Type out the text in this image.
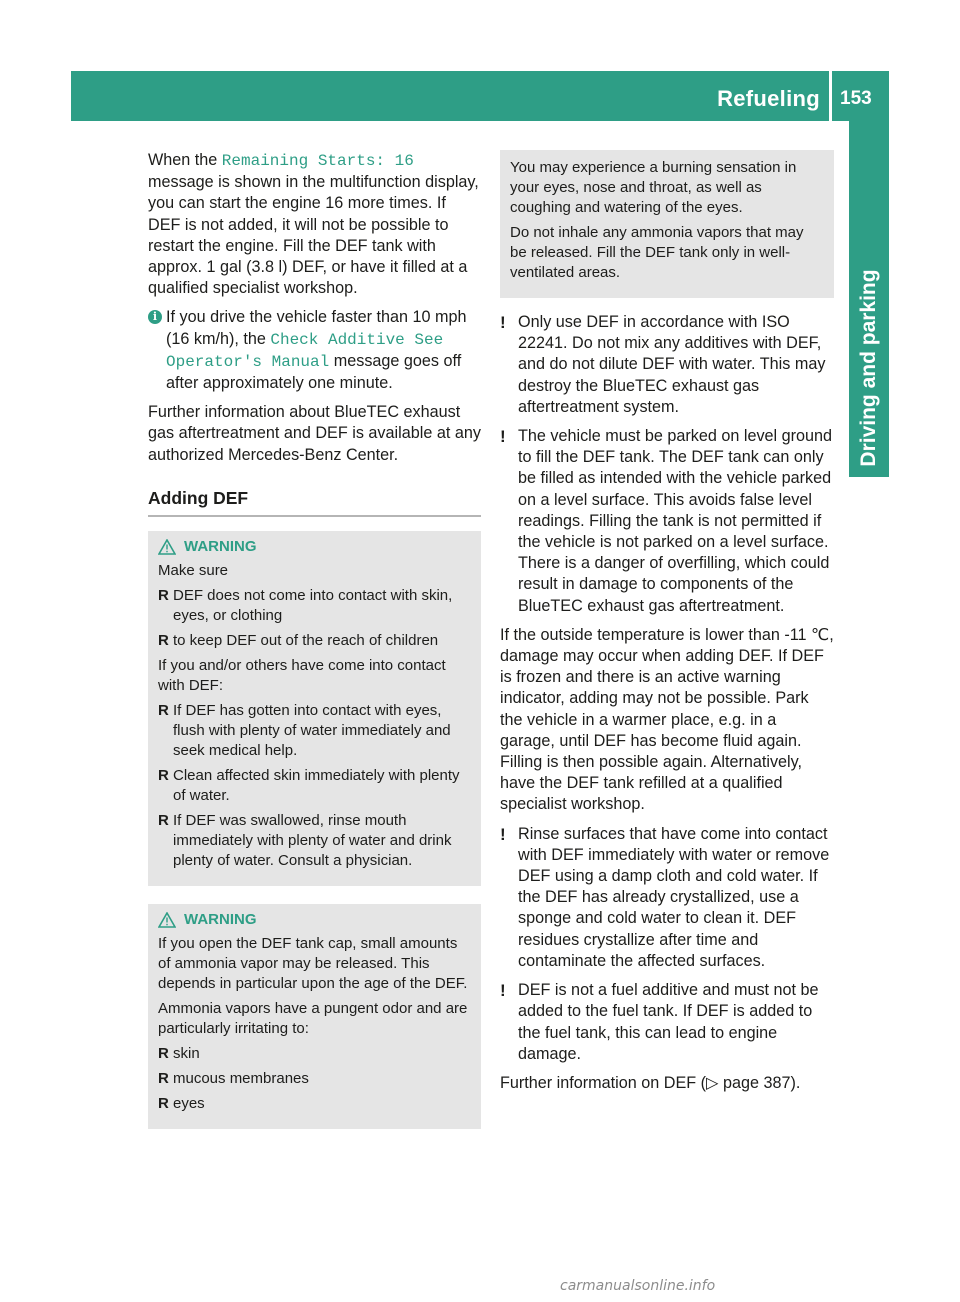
Refueling 153
Driving and parking

When the Remaining Starts: 16 message is shown in the multifunction display, you can start the engine 16 more times. If DEF is not added, it will not be possible to restart the engine. Fill the DEF tank with approx. 1 gal (3.8 l) DEF, or have it filled at a qualified specialist workshop.

i If you drive the vehicle faster than 10 mph (16 km/h), the Check Additive See Operator's Manual message goes off after approximately one minute.

Further information about BlueTEC exhaust gas aftertreatment and DEF is available at any authorized Mercedes-Benz Center.

Adding DEF
WARNING
Make sure
R DEF does not come into contact with skin, eyes, or clothing
R to keep DEF out of the reach of children
If you and/or others have come into contact with DEF:
R If DEF has gotten into contact with eyes, flush with plenty of water immediately and seek medical help.
R Clean affected skin immediately with plenty of water.
R If DEF was swallowed, rinse mouth immediately with plenty of water and drink plenty of water. Consult a physician.
WARNING
If you open the DEF tank cap, small amounts of ammonia vapor may be released. This depends in particular upon the age of the DEF.
Ammonia vapors have a pungent odor and are particularly irritating to:
R skin
R mucous membranes
R eyes
You may experience a burning sensation in your eyes, nose and throat, as well as coughing and watering of the eyes.
Do not inhale any ammonia vapors that may be released. Fill the DEF tank only in well-ventilated areas.
! Only use DEF in accordance with ISO 22241. Do not mix any additives with DEF, and do not dilute DEF with water. This may destroy the BlueTEC exhaust gas aftertreatment system.
! The vehicle must be parked on level ground to fill the DEF tank. The DEF tank can only be filled as intended with the vehicle parked on a level surface. This avoids false level readings. Filling the tank is not permitted if the vehicle is not parked on a level surface. There is a danger of overfilling, which could result in damage to components of the BlueTEC exhaust gas aftertreatment.

If the outside temperature is lower than -11 ℃, damage may occur when adding DEF. If DEF is frozen and there is an active warning indicator, adding may not be possible. Park the vehicle in a warmer place, e.g. in a garage, until DEF has become fluid again. Filling is then possible again. Alternatively, have the DEF tank refilled at a qualified specialist workshop.

! Rinse surfaces that have come into contact with DEF immediately with water or remove DEF using a damp cloth and cold water. If the DEF has already crystallized, use a sponge and cold water to clean it. DEF residues crystallize after time and contaminate the affected surfaces.
! DEF is not a fuel additive and must not be added to the fuel tank. If DEF is added to the fuel tank, this can lead to engine damage.

Further information on DEF (▷ page 387).

carmanualsonline.info
